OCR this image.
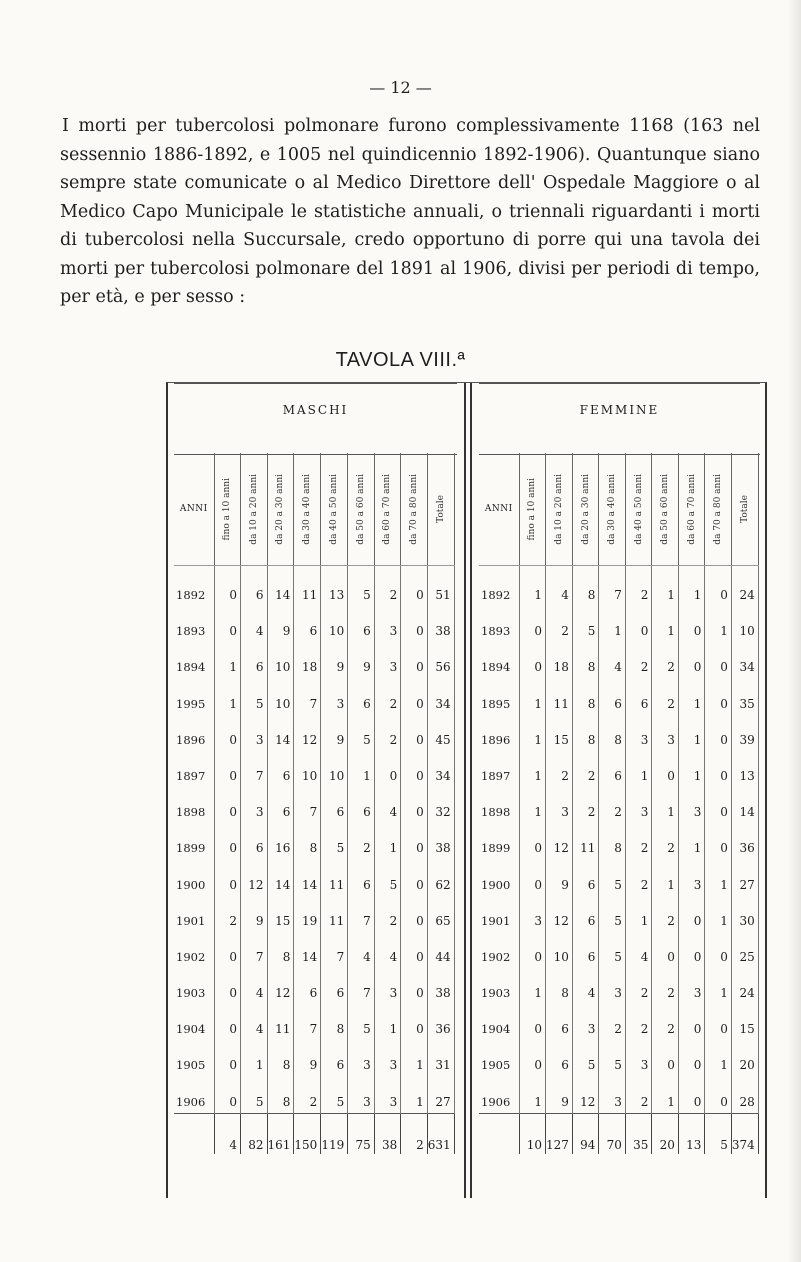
— 12 —

I morti per tubercolosi polmonare furono complessivamente 1168 (163 nel sessennio 1886-1892, e 1005 nel quindicennio 1892-1906). Quantunque siano sempre state comunicate o al Medico Direttore dell' Ospedale Maggiore o al Medico Capo Municipale le statistiche annuali, o triennali riguardanti i morti di tubercolosi nella Succursale, credo opportuno di porre qui una tavola dei morti per tubercolosi polmonare del 1891 al 1906, divisi per periodi di tempo, per età, e per sesso :

TAVOLA VIII.ª
MASCHI
ANNI	fino a 10 anni	da 10 a 20 anni	da 20 a 30 anni	da 30 a 40 anni	da 40 a 50 anni	da 50 a 60 anni	da 60 a 70 anni	da 70 a 80 anni	Totale

1892	0	6	14	11	13	5	2	0	51
1893	0	4	9	6	10	6	3	0	38
1894	1	6	10	18	9	9	3	0	56
1995	1	5	10	7	3	6	2	0	34
1896	0	3	14	12	9	5	2	0	45
1897	0	7	6	10	10	1	0	0	34
1898	0	3	6	7	6	6	4	0	32
1899	0	6	16	8	5	2	1	0	38
1900	0	12	14	14	11	6	5	0	62
1901	2	9	15	19	11	7	2	0	65
1902	0	7	8	14	7	4	4	0	44
1903	0	4	12	6	6	7	3	0	38
1904	0	4	11	7	8	5	1	0	36
1905	0	1	8	9	6	3	3	1	31
1906	0	5	8	2	5	3	3	1	27
	4	82	161	150	119	75	38	2	631
FEMMINE
ANNI	fino a 10 anni	da 10 a 20 anni	da 20 a 30 anni	da 30 a 40 anni	da 40 a 50 anni	da 50 a 60 anni	da 60 a 70 anni	da 70 a 80 anni	Totale

1892	1	4	8	7	2	1	1	0	24
1893	0	2	5	1	0	1	0	1	10
1894	0	18	8	4	2	2	0	0	34
1895	1	11	8	6	6	2	1	0	35
1896	1	15	8	8	3	3	1	0	39
1897	1	2	2	6	1	0	1	0	13
1898	1	3	2	2	3	1	3	0	14
1899	0	12	11	8	2	2	1	0	36
1900	0	9	6	5	2	1	3	1	27
1901	3	12	6	5	1	2	0	1	30
1902	0	10	6	5	4	0	0	0	25
1903	1	8	4	3	2	2	3	1	24
1904	0	6	3	2	2	2	0	0	15
1905	0	6	5	5	3	0	0	1	20
1906	1	9	12	3	2	1	0	0	28
	10	127	94	70	35	20	13	5	374
